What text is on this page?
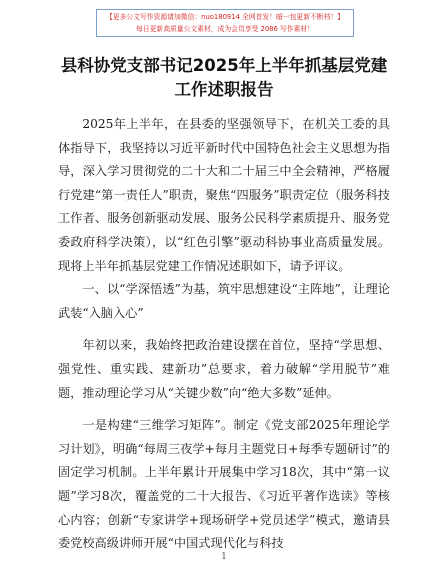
【更多公文写作资源请加微信：nuo180914 全网首发！暗一包更新不断档！】
每日更新高质量公文素材，成为会员享受 2086 写作素材！
县科协党支部书记2025年上半年抓基层党建工作述职报告

2025年上半年，在县委的坚强领导下，在机关工委的具体指导下，我坚持以习近平新时代中国特色社会主义思想为指导，深入学习贯彻党的二十大和二十届三中全会精神，严格履行党建“第一责任人”职责，聚焦“四服务”职责定位（服务科技工作者、服务创新驱动发展、服务公民科学素质提升、服务党委政府科学决策），以“红色引擎”驱动科协事业高质量发展。现将上半年抓基层党建工作情况述职如下，请予评议。

一、以“学深悟透”为基，筑牢思想建设“主阵地”，让理论武装“入脑入心”

年初以来，我始终把政治建设摆在首位，坚持“学思想、强党性、重实践、建新功”总要求，着力破解“学用脱节”难题，推动理论学习从“关键少数”向“绝大多数”延伸。

一是构建“三维学习矩阵”。制定《党支部2025年理论学习计划》，明确“每周三夜学+每月主题党日+每季专题研讨”的固定学习机制。上半年累计开展集中学习18次，其中“第一议题”学习8次，覆盖党的二十大报告、《习近平著作选读》等核心内容；创新“专家讲学+现场研学+党员述学”模式，邀请县委党校高级讲师开展“中国式现代化与科技

1
